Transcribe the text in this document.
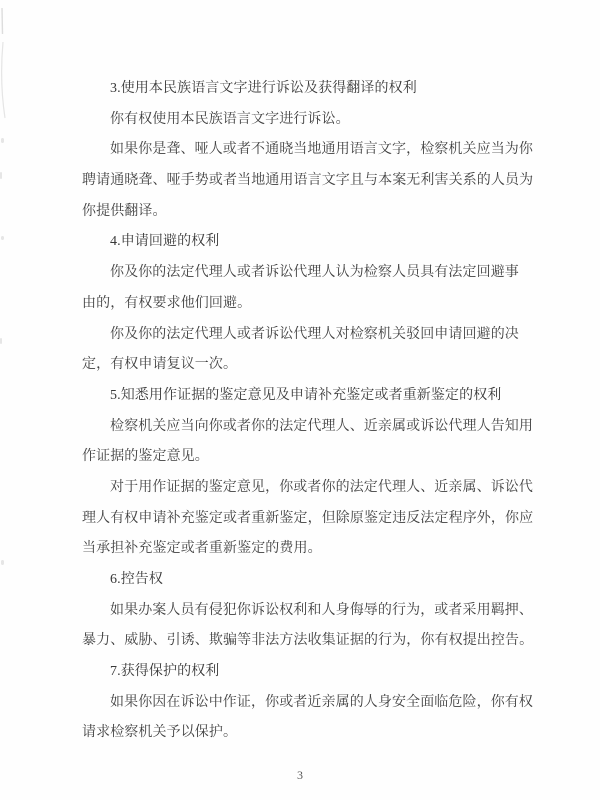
3.使用本民族语言文字进行诉讼及获得翻译的权利
你有权使用本民族语言文字进行诉讼。
如果你是聋、哑人或者不通晓当地通用语言文字，检察机关应当为你
聘请通晓聋、哑手势或者当地通用语言文字且与本案无利害关系的人员为
你提供翻译。
4.申请回避的权利
你及你的法定代理人或者诉讼代理人认为检察人员具有法定回避事
由的，有权要求他们回避。
你及你的法定代理人或者诉讼代理人对检察机关驳回申请回避的决
定，有权申请复议一次。
5.知悉用作证据的鉴定意见及申请补充鉴定或者重新鉴定的权利
检察机关应当向你或者你的法定代理人、近亲属或诉讼代理人告知用
作证据的鉴定意见。
对于用作证据的鉴定意见，你或者你的法定代理人、近亲属、诉讼代
理人有权申请补充鉴定或者重新鉴定，但除原鉴定违反法定程序外，你应
当承担补充鉴定或者重新鉴定的费用。
6.控告权
如果办案人员有侵犯你诉讼权利和人身侮辱的行为，或者采用羁押、
暴力、威胁、引诱、欺骗等非法方法收集证据的行为，你有权提出控告。
7.获得保护的权利
如果你因在诉讼中作证，你或者近亲属的人身安全面临危险，你有权
请求检察机关予以保护。
3
